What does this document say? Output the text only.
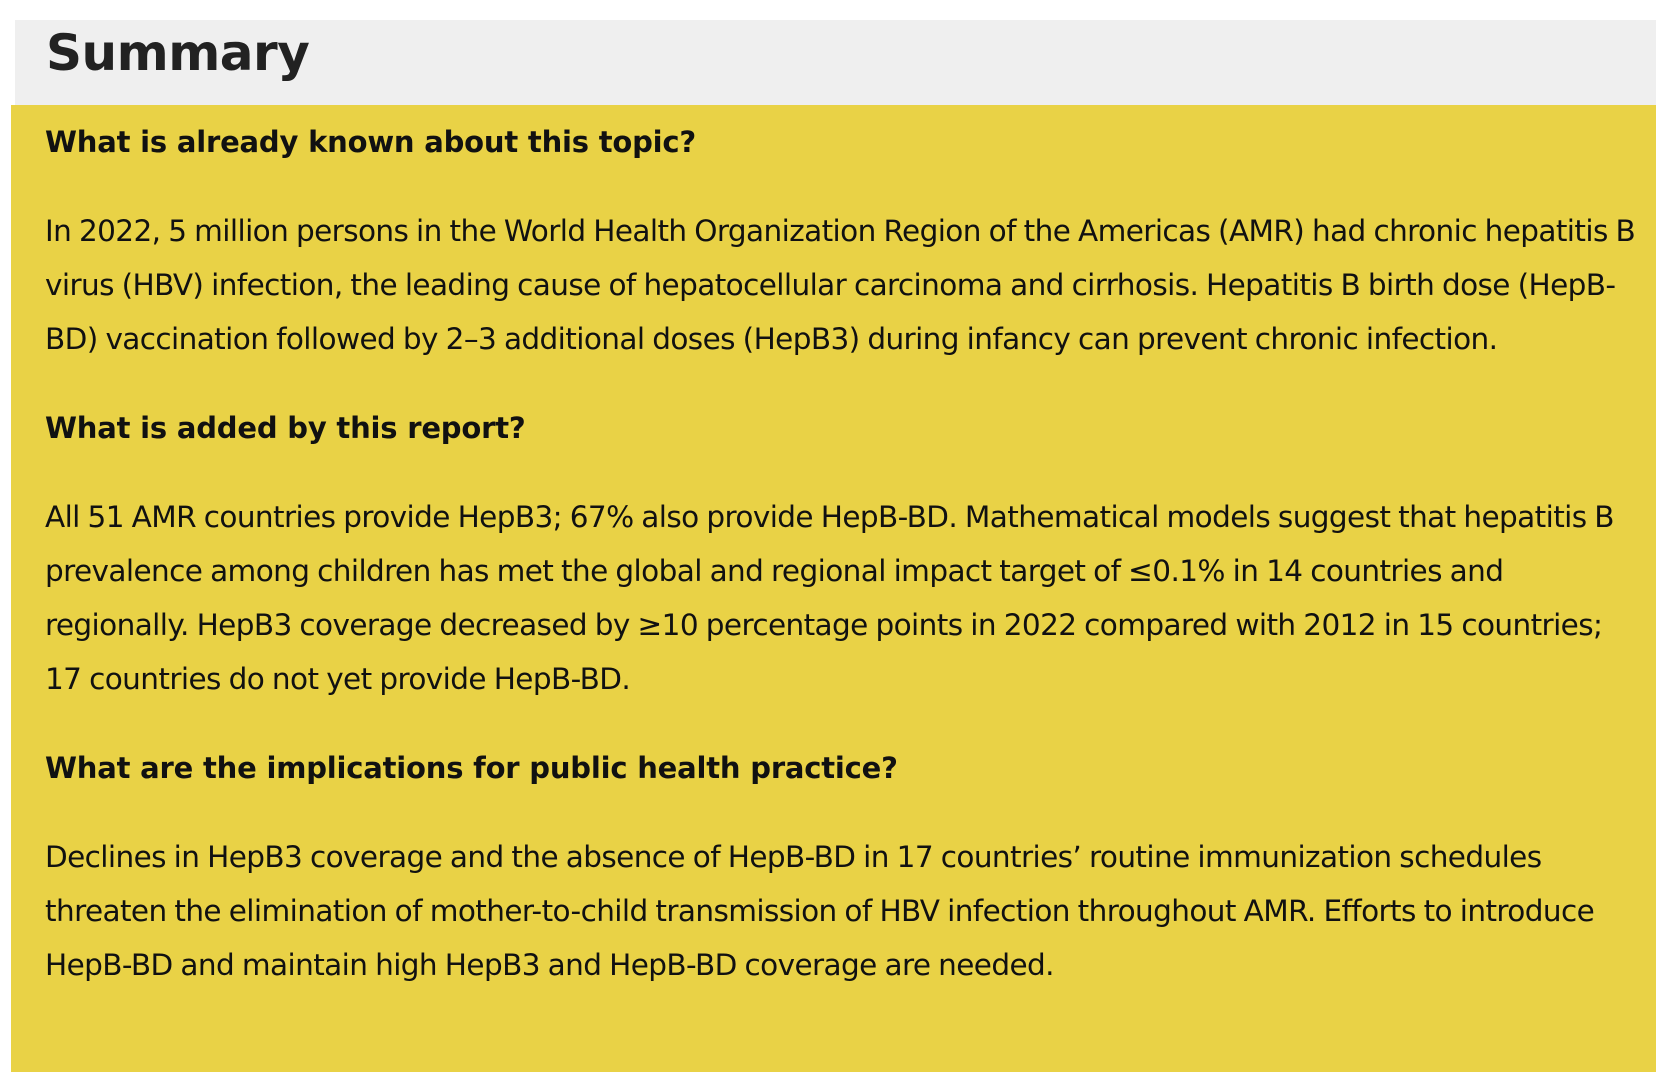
Summary
What is already known about this topic?

In 2022, 5 million persons in the World Health Organization Region of the Americas (AMR) had chronic hepatitis B virus (HBV) infection, the leading cause of hepatocellular carcinoma and cirrhosis. Hepatitis B birth dose (HepB-BD) vaccination followed by 2–3 additional doses (HepB3) during infancy can prevent chronic infection.

What is added by this report?

All 51 AMR countries provide HepB3; 67% also provide HepB-BD. Mathematical models suggest that hepatitis B prevalence among children has met the global and regional impact target of ≤0.1% in 14 countries and regionally. HepB3 coverage decreased by ≥10 percentage points in 2022 compared with 2012 in 15 countries; 17 countries do not yet provide HepB-BD.

What are the implications for public health practice?

Declines in HepB3 coverage and the absence of HepB-BD in 17 countries’ routine immunization schedules threaten the elimination of mother-to-child transmission of HBV infection throughout AMR. Efforts to introduce HepB-BD and maintain high HepB3 and HepB-BD coverage are needed.
